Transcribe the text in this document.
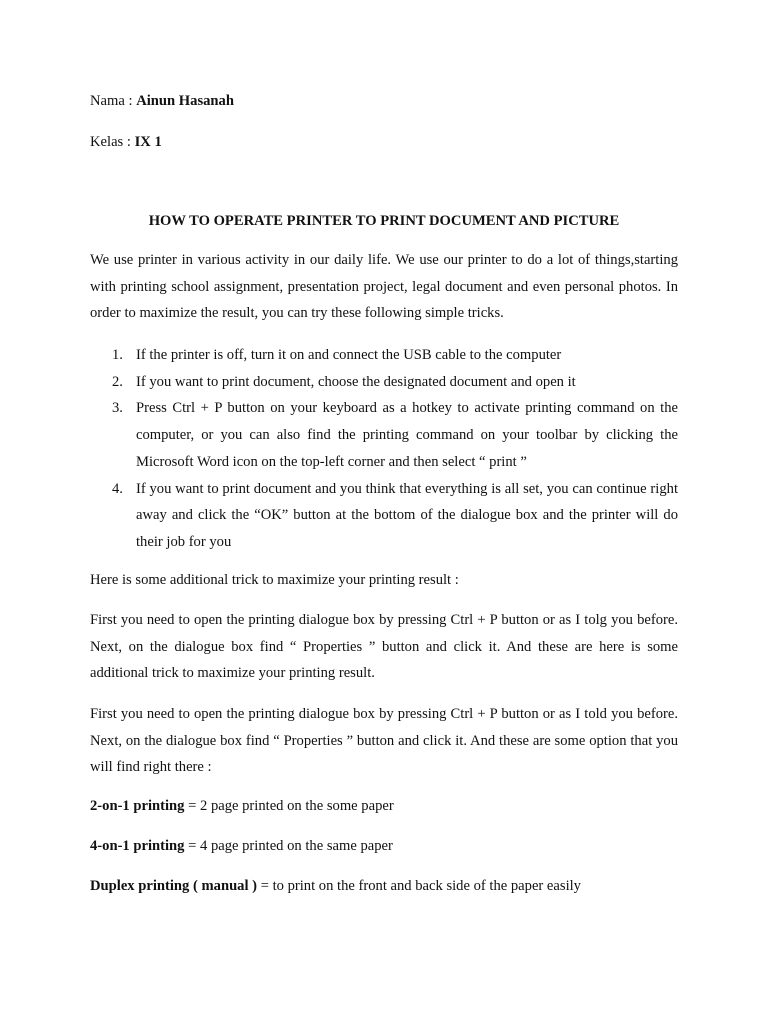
Nama : Ainun Hasanah
Kelas : IX 1
HOW TO OPERATE PRINTER TO PRINT DOCUMENT AND PICTURE

We use printer in various activity in our daily life. We use our printer to do a lot of things,starting with printing school assignment, presentation project, legal document and even personal photos. In order to maximize the result, you can try these following simple tricks.

1. If the printer is off, turn it on and connect the USB cable to the computer
2. If you want to print document, choose the designated document and open it
3. Press Ctrl + P button on your keyboard as a hotkey to activate printing command on the computer, or you can also find the printing command on your toolbar by clicking the Microsoft Word icon on the top-left corner and then select “ print ”
4. If you want to print document and you think that everything is all set, you can continue right away and click the “OK” button at the bottom of the dialogue box and the printer will do their job for you
Here is some additional trick to maximize your printing result :

First you need to open the printing dialogue box by pressing Ctrl + P button or as I tolg you before. Next, on the dialogue box find “ Properties ” button and click it. And these are here is some additional trick to maximize your printing result.

First you need to open the printing dialogue box by pressing Ctrl + P button or as I told you before. Next, on the dialogue box find “ Properties ” button and click it. And these are some option that you will find right there :

2-on-1 printing = 2 page printed on the some paper
4-on-1 printing = 4 page printed on the same paper
Duplex printing ( manual ) = to print on the front and back side of the paper easily
